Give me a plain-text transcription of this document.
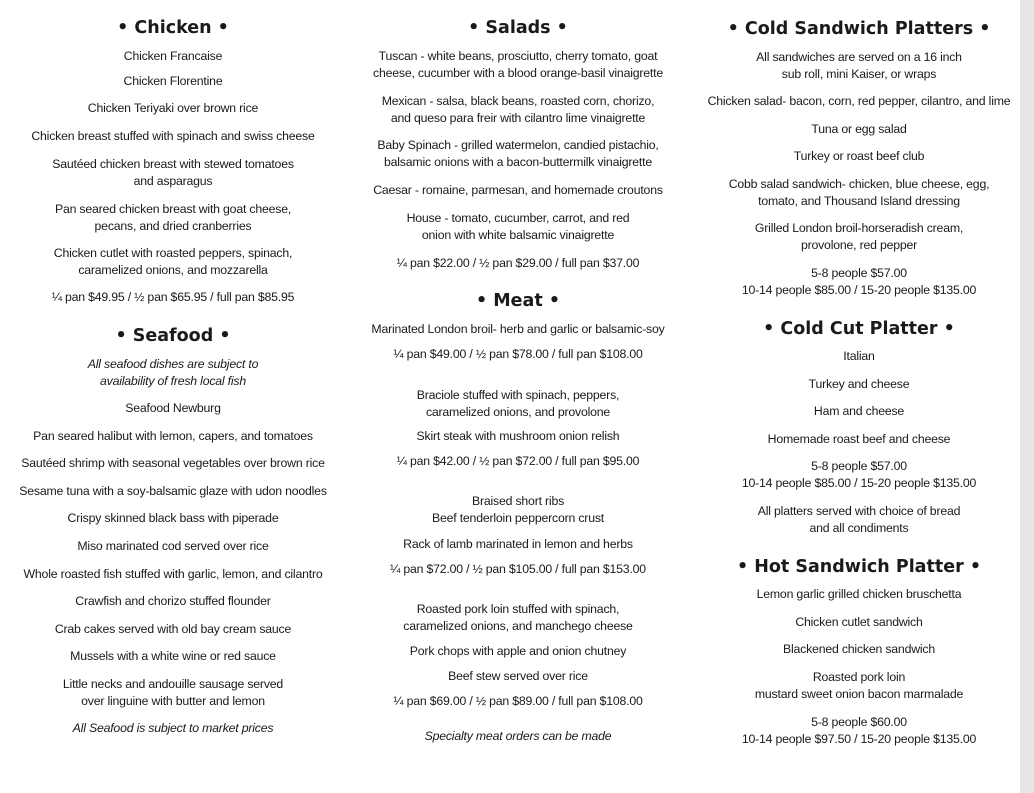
• Chicken •

Chicken Francaise

Chicken Florentine

Chicken Teriyaki over brown rice

Chicken breast stuffed with spinach and swiss cheese

Sautéed chicken breast with stewed tomatoes
and asparagus

Pan seared chicken breast with goat cheese,
pecans, and dried cranberries

Chicken cutlet with roasted peppers, spinach,
caramelized onions, and mozzarella

¼ pan $49.95 / ½ pan $65.95 / full pan $85.95

• Seafood •

All seafood dishes are subject to
availability of fresh local fish

Seafood Newburg

Pan seared halibut with lemon, capers, and tomatoes

Sautéed shrimp with seasonal vegetables over brown rice

Sesame tuna with a soy-balsamic glaze with udon noodles

Crispy skinned black bass with piperade

Miso marinated cod served over rice

Whole roasted fish stuffed with garlic, lemon, and cilantro

Crawfish and chorizo stuffed flounder

Crab cakes served with old bay cream sauce

Mussels with a white wine or red sauce

Little necks and andouille sausage served
over linguine with butter and lemon

All Seafood is subject to market prices

• Salads •

Tuscan - white beans, prosciutto, cherry tomato, goat
cheese, cucumber with a blood orange-basil vinaigrette

Mexican - salsa, black beans, roasted corn, chorizo,
and queso para freir with cilantro lime vinaigrette

Baby Spinach - grilled watermelon, candied pistachio,
balsamic onions with a bacon-buttermilk vinaigrette

Caesar - romaine, parmesan, and homemade croutons

House - tomato, cucumber, carrot, and red
onion with white balsamic vinaigrette

¼ pan $22.00 / ½ pan $29.00 / full pan $37.00

• Meat •

Marinated London broil- herb and garlic or balsamic-soy

¼ pan $49.00 / ½ pan $78.00 / full pan $108.00

Braciole stuffed with spinach, peppers,
caramelized onions, and provolone

Skirt steak with mushroom onion relish

¼ pan $42.00 / ½ pan $72.00 / full pan $95.00

Braised short ribs
Beef tenderloin peppercorn crust

Rack of lamb marinated in lemon and herbs

¼ pan $72.00 / ½ pan $105.00 / full pan $153.00

Roasted pork loin stuffed with spinach,
caramelized onions, and manchego cheese

Pork chops with apple and onion chutney

Beef stew served over rice

¼ pan $69.00 / ½ pan $89.00 / full pan $108.00

Specialty meat orders can be made

• Cold Sandwich Platters •

All sandwiches are served on a 16 inch
sub roll, mini Kaiser, or wraps

Chicken salad- bacon, corn, red pepper, cilantro, and lime

Tuna or egg salad

Turkey or roast beef club

Cobb salad sandwich- chicken, blue cheese, egg,
tomato, and Thousand Island dressing

Grilled London broil-horseradish cream,
provolone, red pepper

5-8 people $57.00
10-14 people $85.00 / 15-20 people $135.00

• Cold Cut Platter •

Italian

Turkey and cheese

Ham and cheese

Homemade roast beef and cheese

5-8 people $57.00
10-14 people $85.00 / 15-20 people $135.00

All platters served with choice of bread
and all condiments

• Hot Sandwich Platter •

Lemon garlic grilled chicken bruschetta

Chicken cutlet sandwich

Blackened chicken sandwich

Roasted pork loin
mustard sweet onion bacon marmalade

5-8 people $60.00
10-14 people $97.50 / 15-20 people $135.00
